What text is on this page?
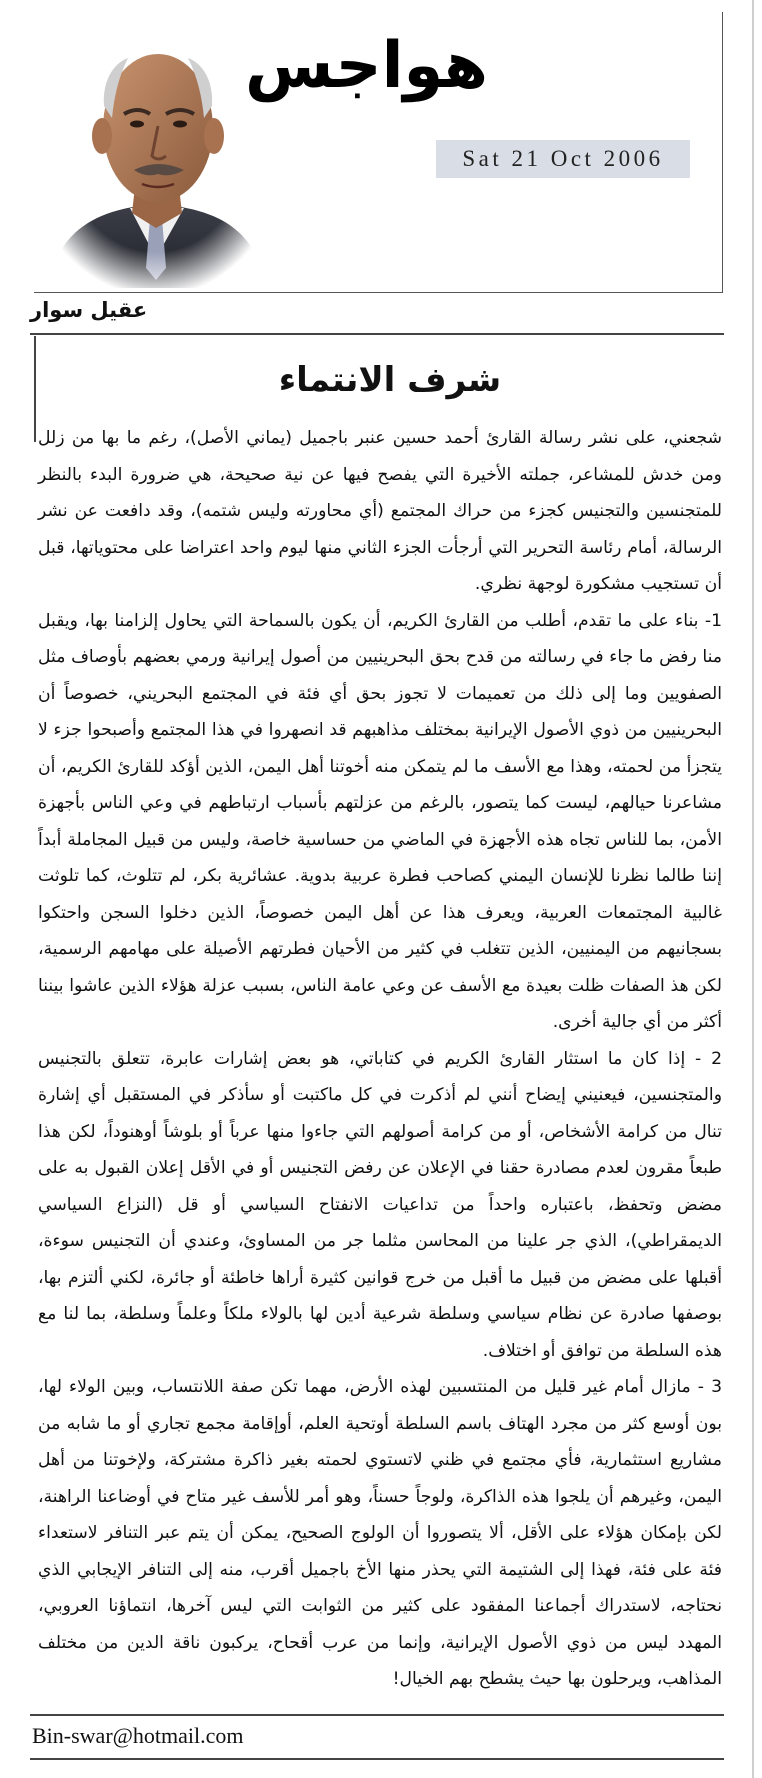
هواجس
Sat 21 Oct 2006
عقيل سوار
شرف الانتماء

شجعني، على نشر رسالة القارئ أحمد حسين عنبر باجميل (يماني الأصل)، رغم ما بها من زلل ومن خدش للمشاعر، جملته الأخيرة التي يفصح فيها عن نية صحيحة، هي ضرورة البدء بالنظر للمتجنسين والتجنيس كجزء من حراك المجتمع (أي محاورته وليس شتمه)، وقد دافعت عن نشر الرسالة، أمام رئاسة التحرير التي أرجأت الجزء الثاني منها ليوم واحد اعتراضا على محتوياتها، قبل أن تستجيب مشكورة لوجهة نظري.

1- بناء على ما تقدم، أطلب من القارئ الكريم، أن يكون بالسماحة التي يحاول إلزامنا بها، ويقبل منا رفض ما جاء في رسالته من قدح بحق البحرينيين من أصول إيرانية ورمي بعضهم بأوصاف مثل الصفويين وما إلى ذلك من تعميمات لا تجوز بحق أي فئة في المجتمع البحريني، خصوصاً أن البحرينيين من ذوي الأصول الإيرانية بمختلف مذاهبهم قد انصهروا في هذا المجتمع وأصبحوا جزء لا يتجزأ من لحمته، وهذا مع الأسف ما لم يتمكن منه أخوتنا أهل اليمن، الذين أؤكد للقارئ الكريم، أن مشاعرنا حيالهم، ليست كما يتصور، بالرغم من عزلتهم بأسباب ارتباطهم في وعي الناس بأجهزة الأمن، بما للناس تجاه هذه الأجهزة في الماضي من حساسية خاصة، وليس من قبيل المجاملة أبداً إننا طالما نظرنا للإنسان اليمني كصاحب فطرة عربية بدوية. عشائرية بكر، لم تتلوث، كما تلوثت غالبية المجتمعات العربية، ويعرف هذا عن أهل اليمن خصوصاً، الذين دخلوا السجن واحتكوا بسجانيهم من اليمنيين، الذين تتغلب في كثير من الأحيان فطرتهم الأصيلة على مهامهم الرسمية، لكن هذ الصفات ظلت بعيدة مع الأسف عن وعي عامة الناس، بسبب عزلة هؤلاء الذين عاشوا بيننا أكثر من أي جالية أخرى.

2 - إذا كان ما استثار القارئ الكريم في كتاباتي، هو بعض إشارات عابرة، تتعلق بالتجنيس والمتجنسين، فيعنيني إيضاح أنني لم أذكرت في كل ماكتبت أو سأذكر في المستقبل أي إشارة تنال من كرامة الأشخاص، أو من كرامة أصولهم التي جاءوا منها عرباً أو بلوشاً أوهنوداً، لكن هذا طبعاً مقرون لعدم مصادرة حقنا في الإعلان عن رفض التجنيس أو في الأقل إعلان القبول به على مضض وتحفظ، باعتباره واحداً من تداعيات الانفتاح السياسي أو قل (النزاع السياسي الديمقراطي)، الذي جر علينا من المحاسن مثلما جر من المساوئ، وعندي أن التجنيس سوءة، أقبلها على مضض من قبيل ما أقبل من خرج قوانين كثيرة أراها خاطئة أو جائرة، لكني ألتزم بها، بوصفها صادرة عن نظام سياسي وسلطة شرعية أدين لها بالولاء ملكاً وعلماً وسلطة، بما لنا مع هذه السلطة من توافق أو اختلاف.

3 - مازال أمام غير قليل من المنتسبين لهذه الأرض، مهما تكن صفة اللانتساب، وبين الولاء لها، بون أوسع كثر من مجرد الهتاف باسم السلطة أوتحية العلم، أوإقامة مجمع تجاري أو ما شابه من مشاريع استثمارية، فأي مجتمع في ظني لاتستوي لحمته بغير ذاكرة مشتركة، ولإخوتنا من أهل اليمن، وغيرهم أن يلجوا هذه الذاكرة، ولوجاً حسناً، وهو أمر للأسف غير متاح في أوضاعنا الراهنة، لكن بإمكان هؤلاء على الأقل، ألا يتصوروا أن الولوج الصحيح، يمكن أن يتم عبر التنافر لاستعداء فئة على فئة، فهذا إلى الشتيمة التي يحذر منها الأخ باجميل أقرب، منه إلى التنافر الإيجابي الذي نحتاجه، لاستدراك أجماعنا المفقود على كثير من الثوابت التي ليس آخرها، انتماؤنا العروبي، المهدد ليس من ذوي الأصول الإيرانية، وإنما من عرب أقحاح، يركبون ناقة الدين من مختلف المذاهب، ويرحلون بها حيث يشطح بهم الخيال!

Bin-swar@hotmail.com
